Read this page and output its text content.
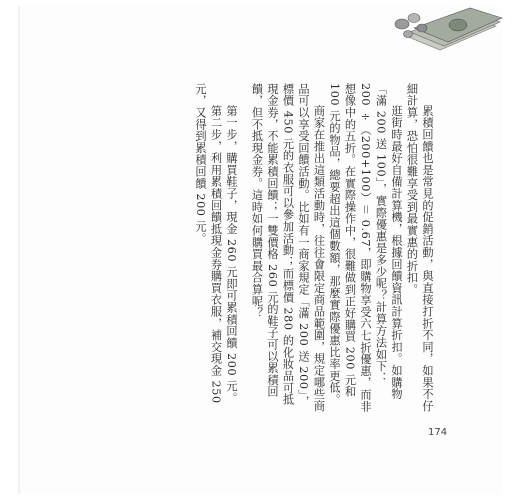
累積回饋也是常見的促銷活動，與直接打折不同，如果不仔細計算，恐怕很難享受到最實惠的折扣。

逛街時最好自備計算機，根據回饋資訊計算折扣。如購物「滿 200 送 100」，實際優惠是多少呢？計算方法如下：

200 ÷（200+100）＝ 0.67，即購物享受六七折優惠，而非想像中的五折。在實際操作中，很難做到正好購買 200 元和 100 元的物品，總要超出這個數額，那麼實際優惠比率更低。

商家在推出這類活動時，往往會限定商品範圍，規定哪些商品可以享受回饋活動。比如有一商家規定「滿 200 送 200」，標價 450 元的衣服可以參加活動；而標價 280 的化妝品可抵現金券，不能累積回饋；一雙價格 260 元的鞋子可以累積回饋，但不抵現金券。這時如何購買最合算呢？

第一步，購買鞋子，現金 260 元即可累積回饋 200 元。

第二步，利用累積回饋抵現金券購買衣服，補交現金 250 元，又得到累積回饋 200 元。

174
